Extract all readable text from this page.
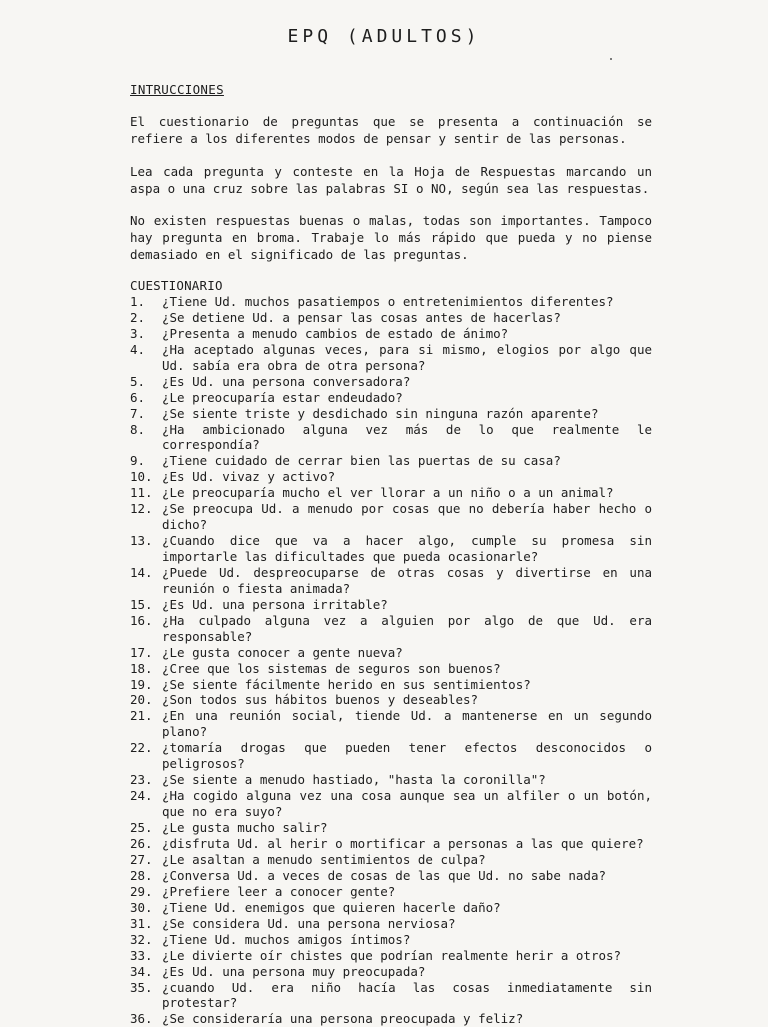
EPQ (ADULTOS)
INTRUCCIONES

El cuestionario de preguntas que se presenta a continuación se refiere a los diferentes modos de pensar y sentir de las personas.

Lea cada pregunta y conteste en la Hoja de Respuestas marcando un aspa o una cruz sobre las palabras SI o NO, según sea las respuestas.

No existen respuestas buenas o malas, todas son importantes. Tampoco hay pregunta en broma. Trabaje lo más rápido que pueda y no piense demasiado en el significado de las preguntas.

CUESTIONARIO
1.	¿Tiene Ud. muchos pasatiempos o entretenimientos diferentes?
2.	¿Se detiene Ud. a pensar las cosas antes de hacerlas?
3.	¿Presenta a menudo cambios de estado de ánimo?
4.	¿Ha aceptado algunas veces, para si mismo, elogios por algo que Ud. sabía era obra de otra persona?
5.	¿Es Ud. una persona conversadora?
6.	¿Le preocuparía estar endeudado?
7.	¿Se siente triste y desdichado sin ninguna razón aparente?
8.	¿Ha ambicionado alguna vez más de lo que realmente le correspondía?
9.	¿Tiene cuidado de cerrar bien las puertas de su casa?
10. ¿Es Ud. vivaz y activo?
11. ¿Le preocuparía mucho el ver llorar a un niño o a un animal?
12. ¿Se preocupa Ud. a menudo por cosas que no debería haber hecho o dicho?
13. ¿Cuando dice que va a hacer algo, cumple su promesa sin importarle las dificultades que pueda ocasionarle?
14. ¿Puede Ud. despreocuparse de otras cosas y divertirse en una reunión o fiesta animada?
15. ¿Es Ud. una persona irritable?
16. ¿Ha culpado alguna vez a alguien por algo de que Ud. era responsable?
17. ¿Le gusta conocer a gente nueva?
18. ¿Cree que los sistemas de seguros son buenos?
19. ¿Se siente fácilmente herido en sus sentimientos?
20. ¿Son todos sus hábitos buenos y deseables?
21. ¿En una reunión social, tiende Ud. a mantenerse en un segundo plano?
22. ¿tomaría drogas que pueden tener efectos desconocidos o peligrosos?
23. ¿Se siente a menudo hastiado, "hasta la coronilla"?
24. ¿Ha cogido alguna vez una cosa aunque sea un alfiler o un botón, que no era suyo?
25. ¿Le gusta mucho salir?
26. ¿disfruta Ud. al herir o mortificar a personas a las que quiere?
27. ¿Le asaltan a menudo sentimientos de culpa?
28. ¿Conversa Ud. a veces de cosas de las que Ud. no sabe nada?
29. ¿Prefiere leer a conocer gente?
30. ¿Tiene Ud. enemigos que quieren hacerle daño?
31. ¿Se considera Ud. una persona nerviosa?
32. ¿Tiene Ud. muchos amigos íntimos?
33. ¿Le divierte oír chistes que podrían realmente herir a otros?
34. ¿Es Ud. una persona muy preocupada?
35. ¿cuando Ud. era niño hacía las cosas inmediatamente sin protestar?
36. ¿Se consideraría una persona preocupada y feliz?
